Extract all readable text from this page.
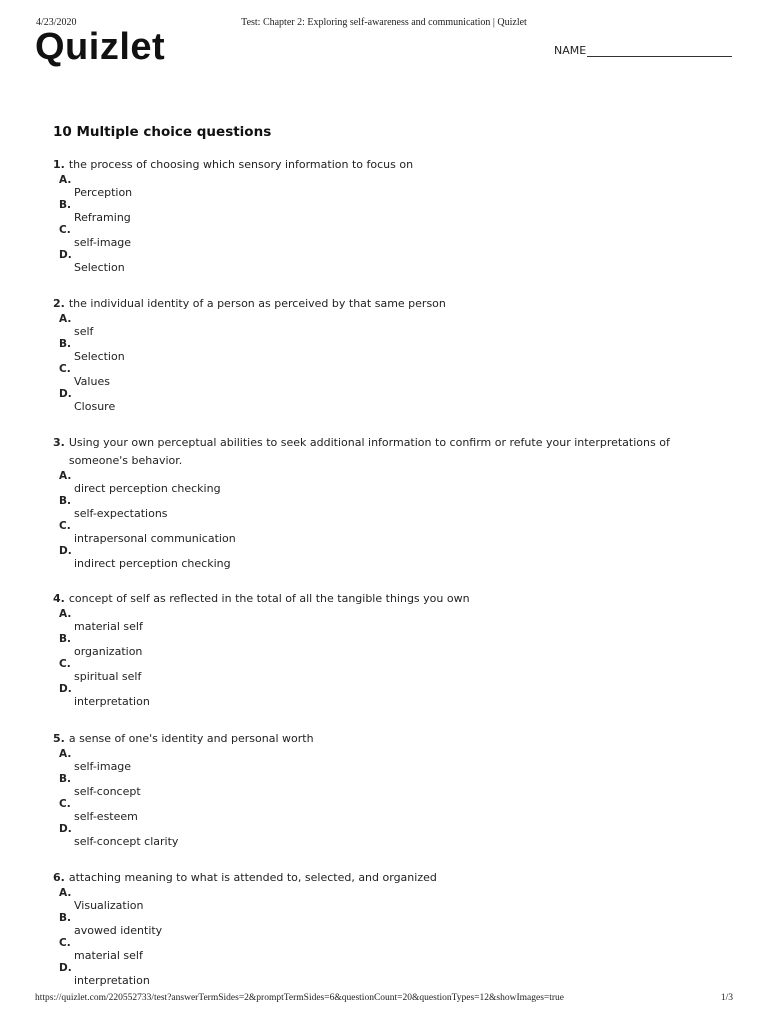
4/23/2020	Test: Chapter 2: Exploring self-awareness and communication | Quizlet
Quizlet	NAME
10 Multiple choice questions
1. the process of choosing which sensory information to focus on
A.
Perception
B.
Reframing
C.
self-image
D.
Selection
2. the individual identity of a person as perceived by that same person
A.
self
B.
Selection
C.
Values
D.
Closure
3. Using your own perceptual abilities to seek additional information to confirm or refute your interpretations of someone's behavior.
A.
direct perception checking
B.
self-expectations
C.
intrapersonal communication
D.
indirect perception checking
4. concept of self as reflected in the total of all the tangible things you own
A.
material self
B.
organization
C.
spiritual self
D.
interpretation
5. a sense of one's identity and personal worth
A.
self-image
B.
self-concept
C.
self-esteem
D.
self-concept clarity
6. attaching meaning to what is attended to, selected, and organized
A.
Visualization
B.
avowed identity
C.
material self
D.
interpretation
https://quizlet.com/220552733/test?answerTermSides=2&promptTermSides=6&questionCount=20&questionTypes=12&showImages=true	1/3
